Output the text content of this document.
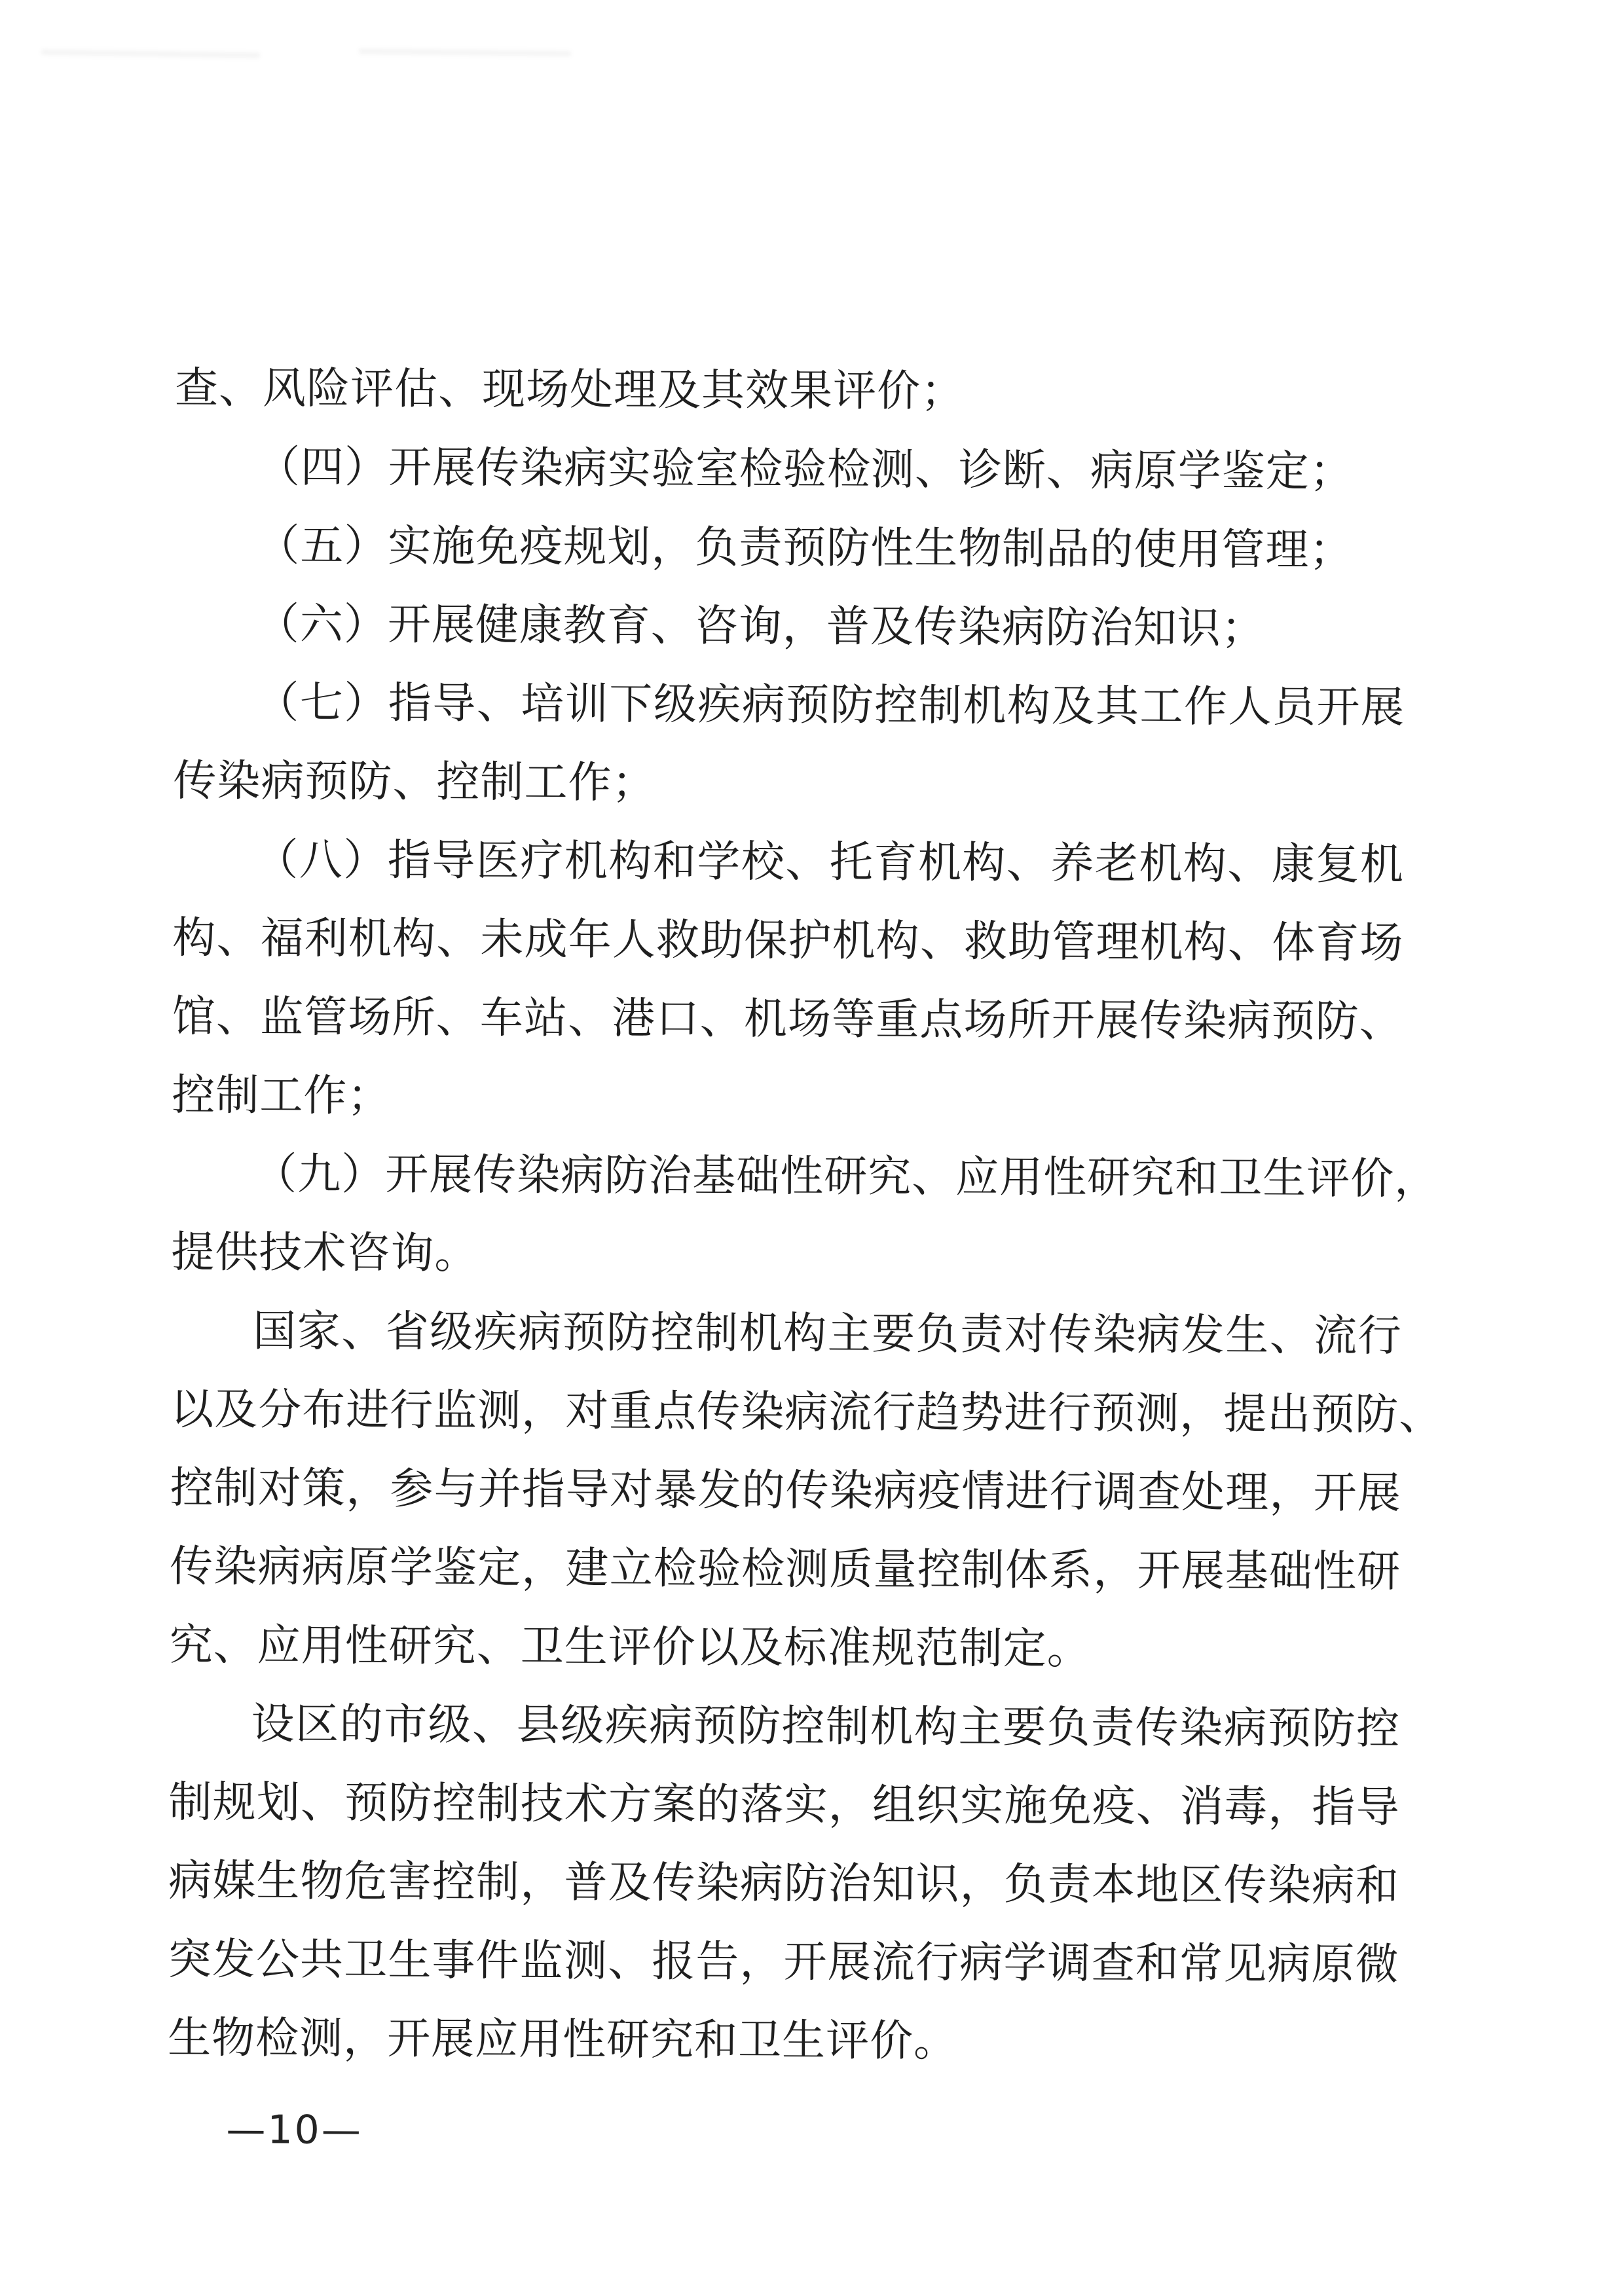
查、风险评估、现场处理及其效果评价；
（四）开展传染病实验室检验检测、诊断、病原学鉴定；
（五）实施免疫规划，负责预防性生物制品的使用管理；
（六）开展健康教育、咨询，普及传染病防治知识；
（七）指导、培训下级疾病预防控制机构及其工作人员开展
传染病预防、控制工作；
（八）指导医疗机构和学校、托育机构、养老机构、康复机
构、福利机构、未成年人救助保护机构、救助管理机构、体育场
馆、监管场所、车站、港口、机场等重点场所开展传染病预防、
控制工作；
（九）开展传染病防治基础性研究、应用性研究和卫生评价，
提供技术咨询。
国家、省级疾病预防控制机构主要负责对传染病发生、流行
以及分布进行监测，对重点传染病流行趋势进行预测，提出预防、
控制对策，参与并指导对暴发的传染病疫情进行调查处理，开展
传染病病原学鉴定，建立检验检测质量控制体系，开展基础性研
究、应用性研究、卫生评价以及标准规范制定。
设区的市级、县级疾病预防控制机构主要负责传染病预防控
制规划、预防控制技术方案的落实，组织实施免疫、消毒，指导
病媒生物危害控制，普及传染病防治知识，负责本地区传染病和
突发公共卫生事件监测、报告，开展流行病学调查和常见病原微
生物检测，开展应用性研究和卫生评价。
—10—
